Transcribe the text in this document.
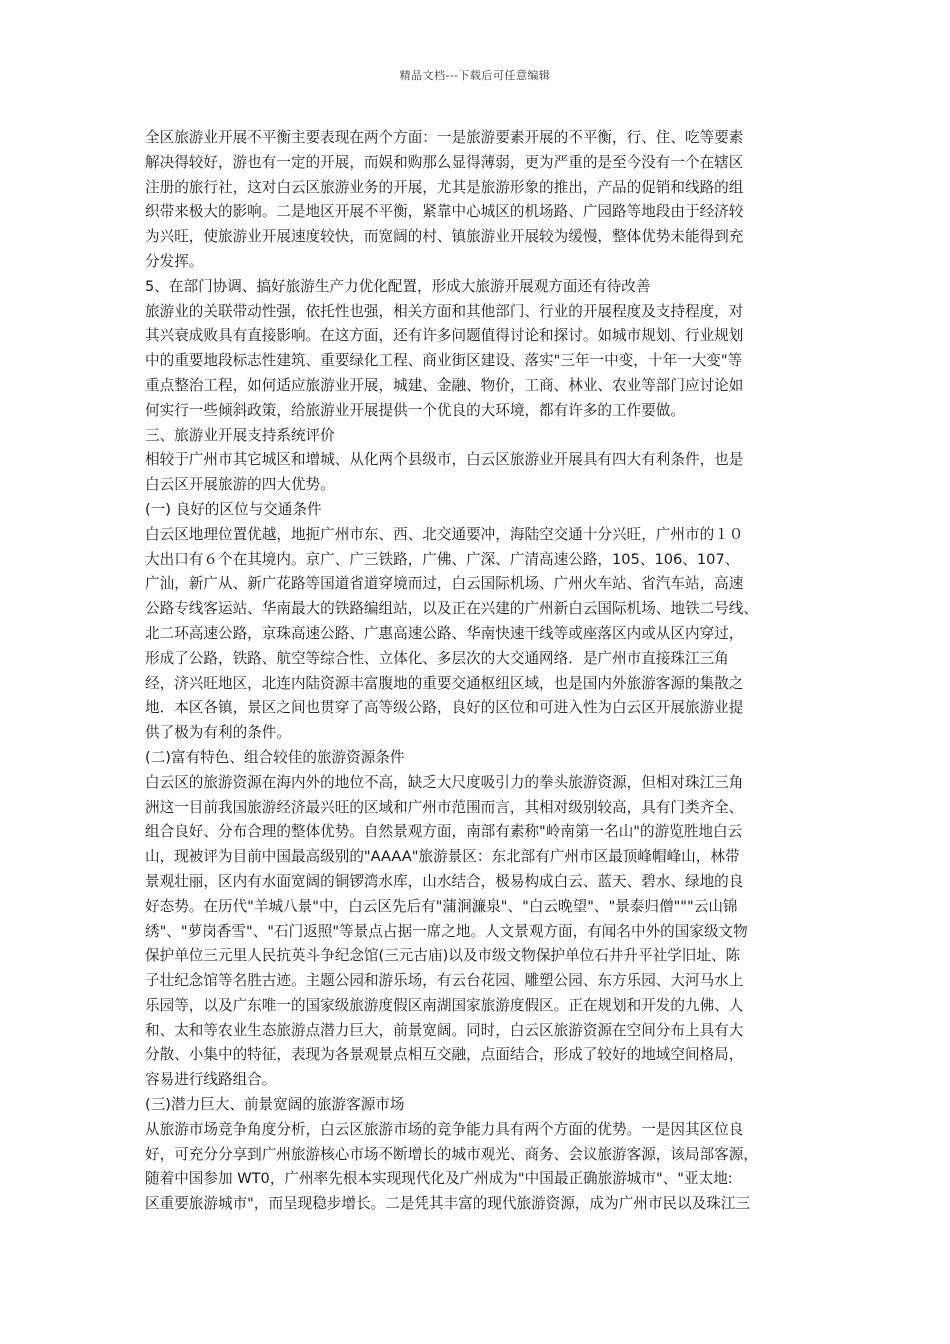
精品文档---下载后可任意编辑
全区旅游业开展不平衡主要表现在两个方面：一是旅游要素开展的不平衡，行、住、吃等要素
解决得较好，游也有一定的开展，而娱和购那么显得薄弱，更为严重的是至今没有一个在辖区
注册的旅行社，这对白云区旅游业务的开展，尤其是旅游形象的推出，产品的促销和线路的组
织带来极大的影响。二是地区开展不平衡，紧靠中心城区的机场路、广园路等地段由于经济较
为兴旺，使旅游业开展速度较快，而宽阔的村、镇旅游业开展较为缓慢，整体优势未能得到充
分发挥。
5、在部门协调、搞好旅游生产力优化配置，形成大旅游开展观方面还有待改善
旅游业的关联带动性强，依托性也强，相关方面和其他部门、行业的开展程度及支持程度，对
其兴衰成败具有直接影响。在这方面，还有许多问题值得讨论和探讨。如城市规划、行业规划
中的重要地段标志性建筑、重要绿化工程、商业街区建设、落实"三年一中变，十年一大变"等
重点整治工程，如何适应旅游业开展，城建、金融、物价，工商、林业、农业等部门应讨论如
何实行一些倾斜政策，给旅游业开展提供一个优良的大环境，都有许多的工作要做。
三、旅游业开展支持系统评价
相较于广州市其它城区和增城、从化两个县级市，白云区旅游业开展具有四大有利条件，也是
白云区开展旅游的四大优势。
(一) 良好的区位与交通条件
白云区地理位置优越，地扼广州市东、西、北交通要冲，海陆空交通十分兴旺，广州市的１０
大出口有６个在其境内。京广、广三铁路，广佛、广深、广清高速公路，105、106、107、
广汕，新广从、新广花路等国道省道穿境而过，白云国际机场、广州火车站、省汽车站，高速
公路专线客运站、华南最大的铁路编组站，以及正在兴建的广州新白云国际机场、地铁二号线、
北二环高速公路，京珠高速公路、广惠高速公路、华南快速干线等或座落区内或从区内穿过，
形成了公路，铁路、航空等综合性、立体化、多层次的大交通网络．是广州市直接珠江三角
经，济兴旺地区，北连内陆资源丰富腹地的重要交通枢纽区域，也是国内外旅游客源的集散之
地．本区各镇，景区之间也贯穿了高等级公路，良好的区位和可进入性为白云区开展旅游业提
供了极为有利的条件。
(二)富有特色、组合较佳的旅游资源条件
白云区的旅游资源在海内外的地位不高，缺乏大尺度吸引力的拳头旅游资源，但相对珠江三角
洲这一目前我国旅游经济最兴旺的区域和广州市范围而言，其相对级别较高，具有门类齐全、
组合良好、分布合理的整体优势。自然景观方面，南部有素称"岭南第一名山"的游览胜地白云
山，现被评为目前中国最高级别的"AAAA"旅游景区：东北部有广州市区最顶峰帽峰山，林带
景观壮丽，区内有水面宽阔的铜锣湾水库，山水结合，极易构成白云、蓝天、碧水、绿地的良
好态势。在历代"羊城八景"中，白云区先后有"蒲涧濂泉"、"白云晚望"、"景泰归僧"""云山锦
绣"、"萝岗香雪"、"石门返照"等景点占据一席之地。人文景观方面，有闻名中外的国家级文物
保护单位三元里人民抗英斗争纪念馆(三元古庙)以及市级文物保护单位石井升平社学旧址、陈
子壮纪念馆等名胜古迹。主题公园和游乐场，有云台花园、雕塑公园、东方乐园、大河马水上
乐园等，以及广东唯一的国家级旅游度假区南湖国家旅游度假区。正在规划和开发的九佛、人
和、太和等农业生态旅游点潜力巨大，前景宽阔。同时，白云区旅游资源在空间分布上具有大
分散、小集中的特征，表现为各景观景点相互交融，点面结合，形成了较好的地域空间格局，
容易进行线路组合。
(三)潜力巨大、前景宽阔的旅游客源市场
从旅游市场竞争角度分析，白云区旅游市场的竞争能力具有两个方面的优势。一是因其区位良
好，可充分分享到广州旅游核心市场不断增长的城市观光、商务、会议旅游客源，该局部客源，
随着中国参加 WT0，广州率先根本实现现代化及广州成为"中国最正确旅游城市"、"亚太地:
区重要旅游城市"，而呈现稳步增长。二是凭其丰富的现代旅游资源，成为广州市民以及珠江三
